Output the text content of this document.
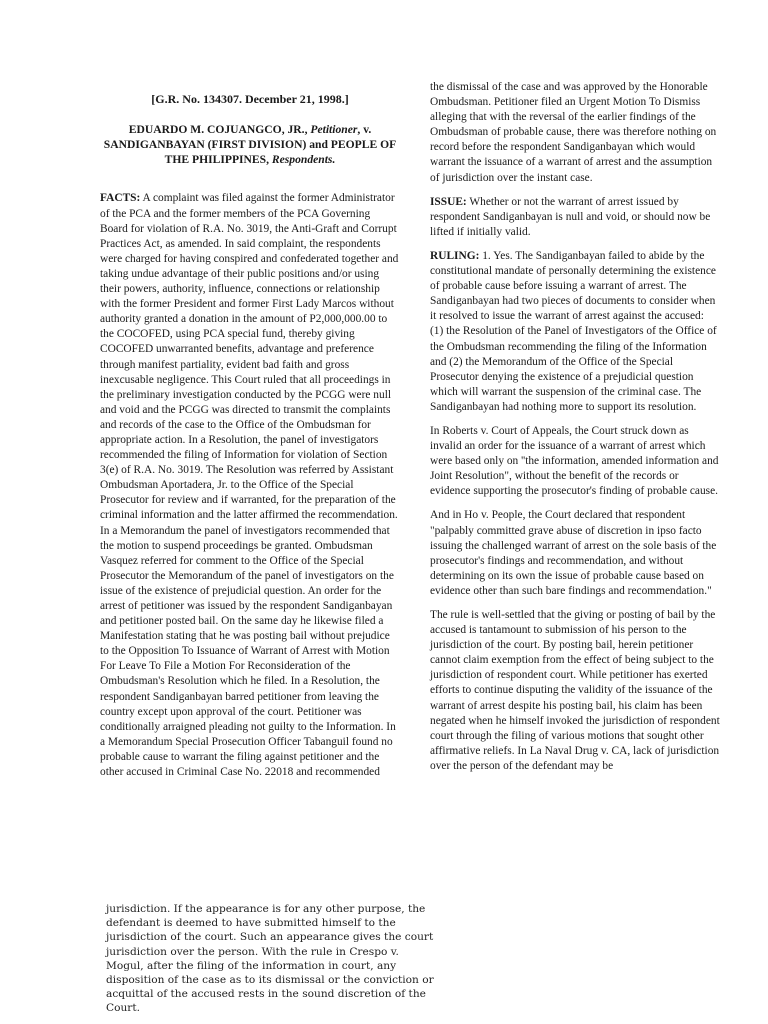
[G.R. No. 134307. December 21, 1998.]

EDUARDO M. COJUANGCO, JR., Petitioner, v. SANDIGANBAYAN (FIRST DIVISION) and PEOPLE OF THE PHILIPPINES, Respondents.

FACTS: A complaint was filed against the former Administrator of the PCA and the former members of the PCA Governing Board for violation of R.A. No. 3019, the Anti-Graft and Corrupt Practices Act, as amended. In said complaint, the respondents were charged for having conspired and confederated together and taking undue advantage of their public positions and/or using their powers, authority, influence, connections or relationship with the former President and former First Lady Marcos without authority granted a donation in the amount of P2,000,000.00 to the COCOFED, using PCA special fund, thereby giving COCOFED unwarranted benefits, advantage and preference through manifest partiality, evident bad faith and gross inexcusable negligence. This Court ruled that all proceedings in the preliminary investigation conducted by the PCGG were null and void and the PCGG was directed to transmit the complaints and records of the case to the Office of the Ombudsman for appropriate action. In a Resolution, the panel of investigators recommended the filing of Information for violation of Section 3(e) of R.A. No. 3019. The Resolution was referred by Assistant Ombudsman Aportadera, Jr. to the Office of the Special Prosecutor for review and if warranted, for the preparation of the criminal information and the latter affirmed the recommendation. In a Memorandum the panel of investigators recommended that the motion to suspend proceedings be granted. Ombudsman Vasquez referred for comment to the Office of the Special Prosecutor the Memorandum of the panel of investigators on the issue of the existence of prejudicial question. An order for the arrest of petitioner was issued by the respondent Sandiganbayan and petitioner posted bail. On the same day he likewise filed a Manifestation stating that he was posting bail without prejudice to the Opposition To Issuance of Warrant of Arrest with Motion For Leave To File a Motion For Reconsideration of the Ombudsman's Resolution which he filed. In a Resolution, the respondent Sandiganbayan barred petitioner from leaving the country except upon approval of the court. Petitioner was conditionally arraigned pleading not guilty to the Information. In a Memorandum Special Prosecution Officer Tabanguil found no probable cause to warrant the filing against petitioner and the other accused in Criminal Case No. 22018 and recommended

the dismissal of the case and was approved by the Honorable Ombudsman. Petitioner filed an Urgent Motion To Dismiss alleging that with the reversal of the earlier findings of the Ombudsman of probable cause, there was therefore nothing on record before the respondent Sandiganbayan which would warrant the issuance of a warrant of arrest and the assumption of jurisdiction over the instant case.

ISSUE: Whether or not the warrant of arrest issued by respondent Sandiganbayan is null and void, or should now be lifted if initially valid.

RULING: 1. Yes. The Sandiganbayan failed to abide by the constitutional mandate of personally determining the existence of probable cause before issuing a warrant of arrest. The Sandiganbayan had two pieces of documents to consider when it resolved to issue the warrant of arrest against the accused: (1) the Resolution of the Panel of Investigators of the Office of the Ombudsman recommending the filing of the Information and (2) the Memorandum of the Office of the Special Prosecutor denying the existence of a prejudicial question which will warrant the suspension of the criminal case. The Sandiganbayan had nothing more to support its resolution.

In Roberts v. Court of Appeals, the Court struck down as invalid an order for the issuance of a warrant of arrest which were based only on ''the information, amended information and Joint Resolution", without the benefit of the records or evidence supporting the prosecutor's finding of probable cause.

And in Ho v. People, the Court declared that respondent "palpably committed grave abuse of discretion in ipso facto issuing the challenged warrant of arrest on the sole basis of the prosecutor's findings and recommendation, and without determining on its own the issue of probable cause based on evidence other than such bare findings and recommendation."

The rule is well-settled that the giving or posting of bail by the accused is tantamount to submission of his person to the jurisdiction of the court. By posting bail, herein petitioner cannot claim exemption from the effect of being subject to the jurisdiction of respondent court. While petitioner has exerted efforts to continue disputing the validity of the issuance of the warrant of arrest despite his posting bail, his claim has been negated when he himself invoked the jurisdiction of respondent court through the filing of various motions that sought other affirmative reliefs. In La Naval Drug v. CA, lack of jurisdiction over the person of the defendant may be

jurisdiction. If the appearance is for any other purpose, the defendant is deemed to have submitted himself to the jurisdiction of the court. Such an appearance gives the court jurisdiction over the person. With the rule in Crespo v. Mogul, after the filing of the information in court, any disposition of the case as to its dismissal or the conviction or acquittal of the accused rests in the sound discretion of the Court.
